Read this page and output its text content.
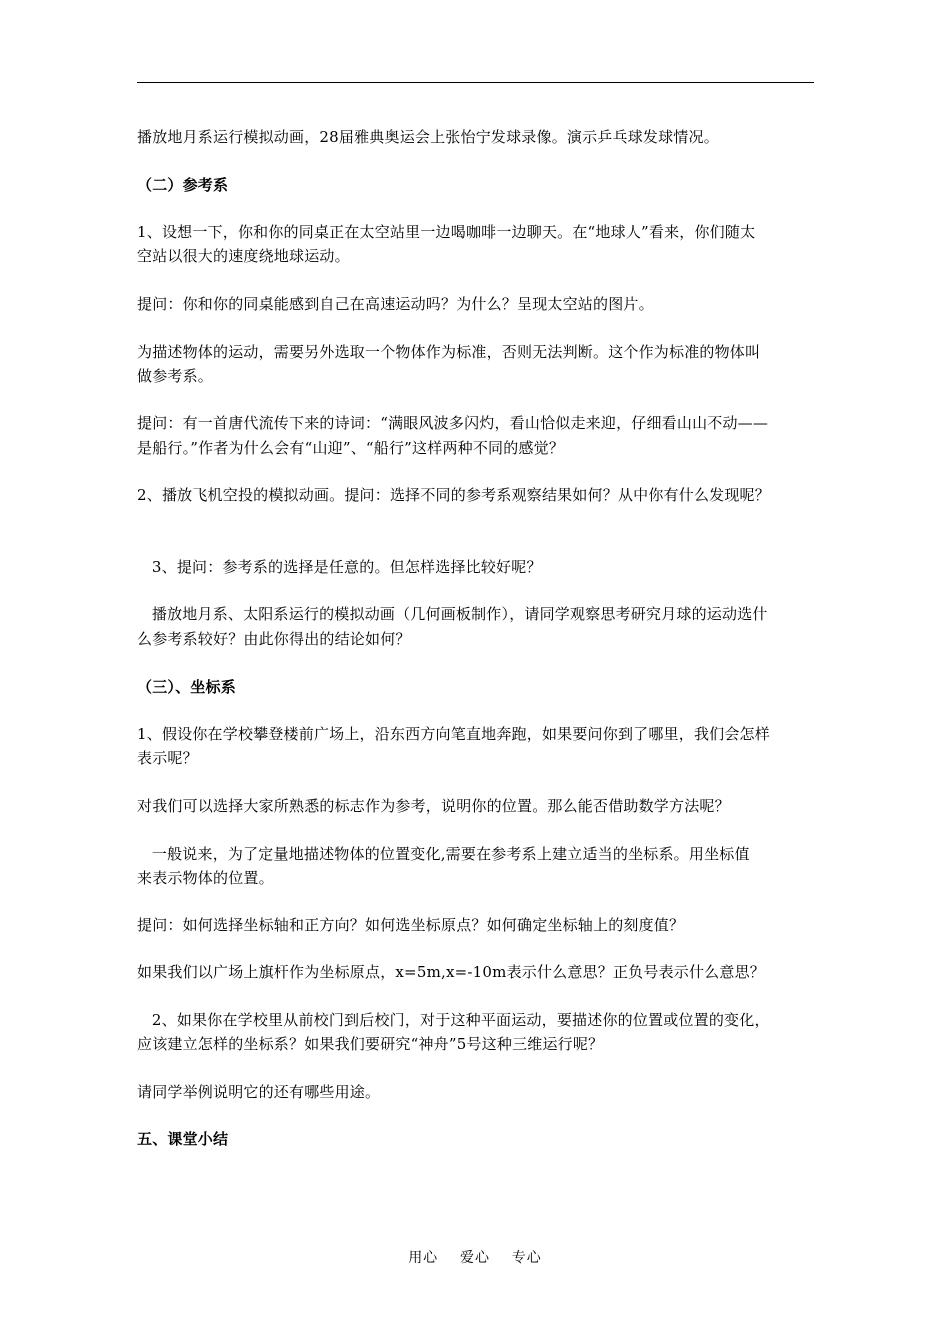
播放地月系运行模拟动画，28届雅典奥运会上张怡宁发球录像。演示乒乓球发球情况。
（二）参考系
1、设想一下，你和你的同桌正在太空站里一边喝咖啡一边聊天。在“地球人”看来，你们随太
空站以很大的速度绕地球运动。
提问：你和你的同桌能感到自己在高速运动吗？为什么？呈现太空站的图片。
为描述物体的运动，需要另外选取一个物体作为标准，否则无法判断。这个作为标准的物体叫
做参考系。
提问：有一首唐代流传下来的诗词：“满眼风波多闪灼，看山恰似走来迎，仔细看山山不动——
是船行。”作者为什么会有“山迎”、“船行”这样两种不同的感觉？
2、播放飞机空投的模拟动画。提问：选择不同的参考系观察结果如何？从中你有什么发现呢？
3、提问：参考系的选择是任意的。但怎样选择比较好呢？
播放地月系、太阳系运行的模拟动画（几何画板制作），请同学观察思考研究月球的运动选什
么参考系较好？由此你得出的结论如何？
（三）、坐标系
1、假设你在学校攀登楼前广场上，沿东西方向笔直地奔跑，如果要问你到了哪里，我们会怎样
表示呢？
对我们可以选择大家所熟悉的标志作为参考，说明你的位置。那么能否借助数学方法呢？
一般说来，为了定量地描述物体的位置变化,需要在参考系上建立适当的坐标系。用坐标值
来表示物体的位置。
提问：如何选择坐标轴和正方向？如何选坐标原点？如何确定坐标轴上的刻度值？
如果我们以广场上旗杆作为坐标原点，x=5m,x=-10m表示什么意思？正负号表示什么意思？
2、如果你在学校里从前校门到后校门，对于这种平面运动，要描述你的位置或位置的变化，
应该建立怎样的坐标系？如果我们要研究“神舟”5号这种三维运行呢？
请同学举例说明它的还有哪些用途。
五、课堂小结
用心    爱心    专心
